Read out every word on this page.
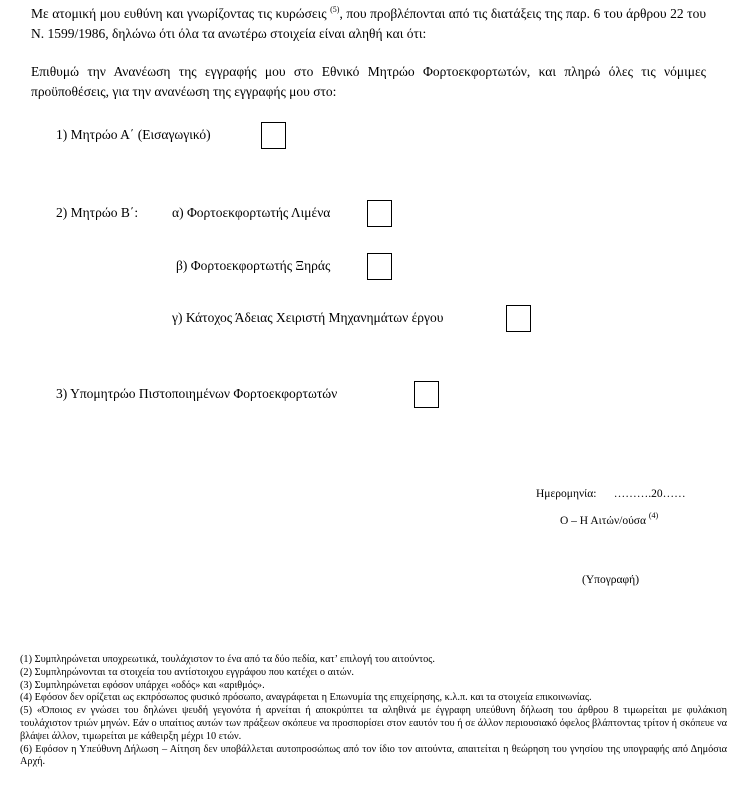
Με ατομική μου ευθύνη και γνωρίζοντας τις κυρώσεις $^{(5)}$, που προβλέπονται από τις διατάξεις της παρ. 6 του άρθρου 22 του Ν. 1599/1986, δηλώνω ότι όλα τα ανωτέρω στοιχεία είναι αληθή και ότι:
Επιθυμώ την Ανανέωση της εγγραφής μου στο Εθνικό Μητρώο Φορτοεκφορτωτών, και πληρώ όλες τις νόμιμες προϋποθέσεις, για την ανανέωση της εγγραφής μου στο:
1) Μητρώο Α΄ (Εισαγωγικό)
2) Μητρώο Β΄:	α) Φορτοεκφορτωτής Λιμένα
β) Φορτοεκφορτωτής Ξηράς
γ) Κάτοχος Άδειας Χειριστή Μηχανημάτων έργου
3) Υπομητρώο Πιστοποιημένων Φορτοεκφορτωτών
Ημερομηνία: ……….20……
Ο – Η Αιτών/ούσα $^{(4)}$
(Υπογραφή)
(1) Συμπληρώνεται υποχρεωτικά, τουλάχιστον το ένα από τα δύο πεδία, κατ’ επιλογή του αιτούντος.
(2) Συμπληρώνονται τα στοιχεία του αντίστοιχου εγγράφου που κατέχει ο αιτών.
(3) Συμπληρώνεται εφόσον υπάρχει «οδός» και «αριθμός».
(4) Εφόσον δεν ορίζεται ως εκπρόσωπος φυσικό πρόσωπο, αναγράφεται η Επωνυμία της επιχείρησης, κ.λ.π. και τα στοιχεία επικοινωνίας.
(5) «Όποιος εν γνώσει του δηλώνει ψευδή γεγονότα ή αρνείται ή αποκρύπτει τα αληθινά με έγγραφη υπεύθυνη δήλωση του άρθρου 8 τιμωρείται με φυλάκιση τουλάχιστον τριών μηνών. Εάν ο υπαίτιος αυτών των πράξεων σκόπευε να προσπορίσει στον εαυτόν του ή σε άλλον περιουσιακό όφελος βλάπτοντας τρίτον ή σκόπευε να βλάψει άλλον, τιμωρείται με κάθειρξη μέχρι 10 ετών.
(6) Εφόσον η Υπεύθυνη Δήλωση – Αίτηση δεν υποβάλλεται αυτοπροσώπως από τον ίδιο τον αιτούντα, απαιτείται η θεώρηση του γνησίου της υπογραφής από Δημόσια Αρχή.
